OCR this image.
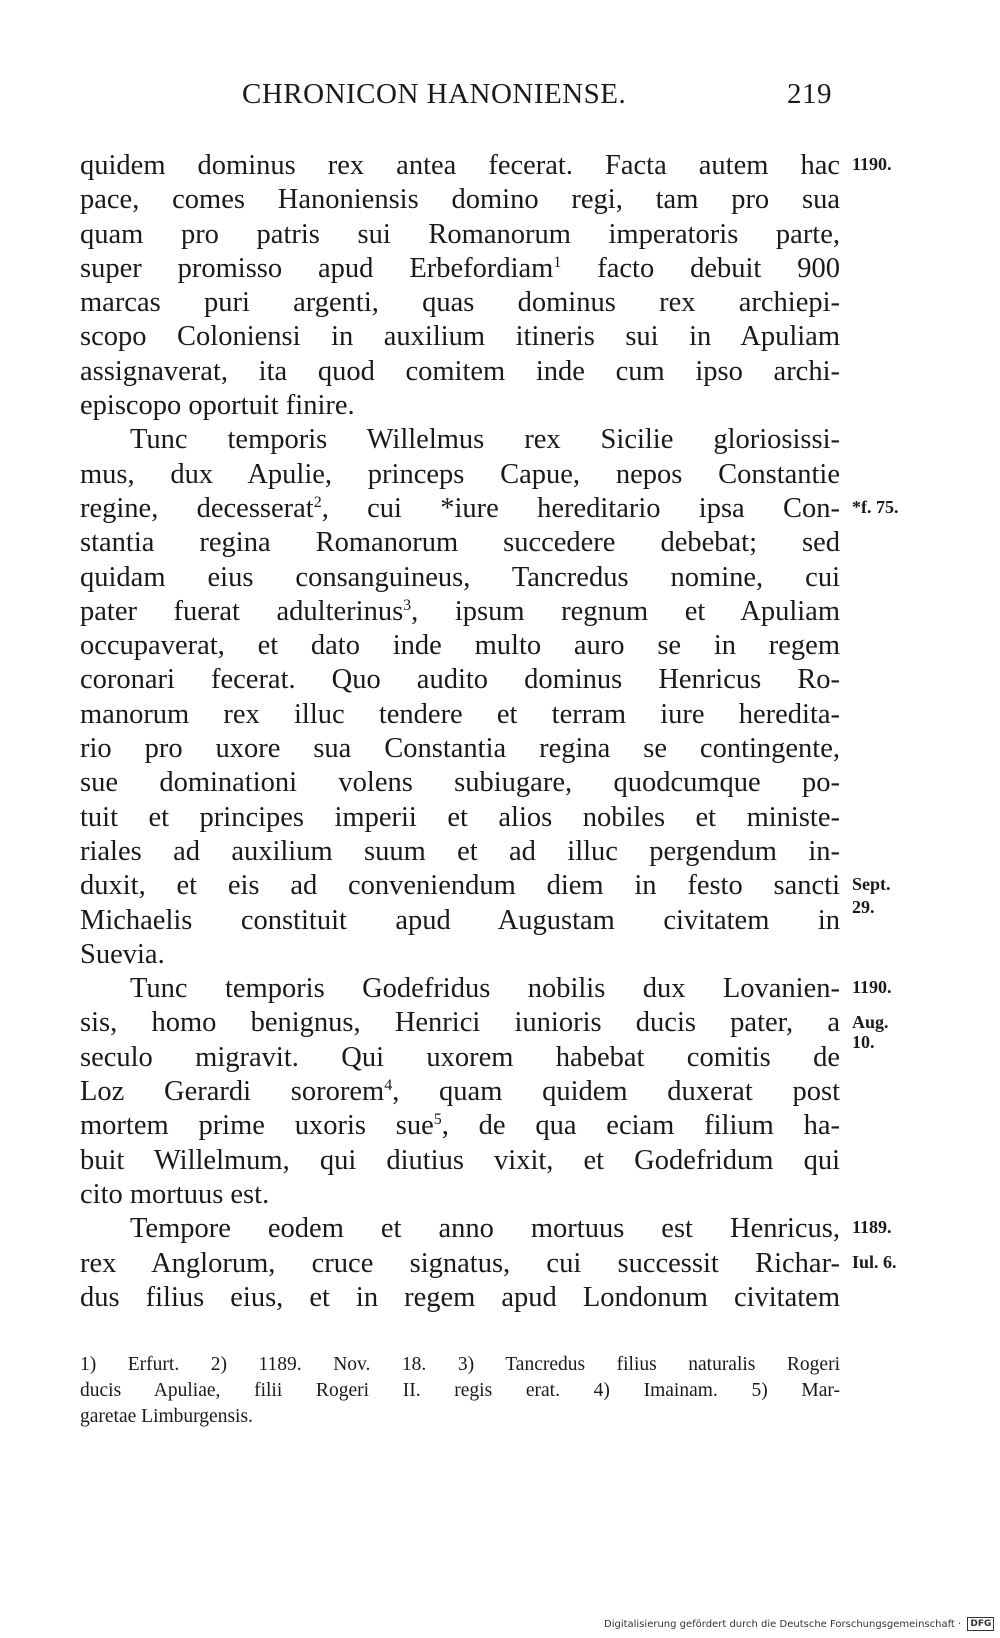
CHRONICON HANONIENSE.	219
quidem dominus rex antea fecerat. Facta autem hac
pace, comes Hanoniensis domino regi, tam pro sua
quam pro patris sui Romanorum imperatoris parte,
super promisso apud Erbefordiam$^1$ facto debuit 900
marcas puri argenti, quas dominus rex archiepi-
scopo Coloniensi in auxilium itineris sui in Apuliam
assignaverat, ita quod comitem inde cum ipso archi-
episcopo oportuit finire.
Tunc temporis Willelmus rex Sicilie gloriosissi-
mus, dux Apulie, princeps Capue, nepos Constantie
regine, decesserat$^2$, cui *iure hereditario ipsa Con-
stantia regina Romanorum succedere debebat; sed
quidam eius consanguineus, Tancredus nomine, cui
pater fuerat adulterinus$^3$, ipsum regnum et Apuliam
occupaverat, et dato inde multo auro se in regem
coronari fecerat. Quo audito dominus Henricus Ro-
manorum rex illuc tendere et terram iure heredita-
rio pro uxore sua Constantia regina se contingente,
sue dominationi volens subiugare, quodcumque po-
tuit et principes imperii et alios nobiles et ministe-
riales ad auxilium suum et ad illuc pergendum in-
duxit, et eis ad conveniendum diem in festo sancti
Michaelis constituit apud Augustam civitatem in
Suevia.
Tunc temporis Godefridus nobilis dux Lovanien-
sis, homo benignus, Henrici iunioris ducis pater, a
seculo migravit. Qui uxorem habebat comitis de
Loz Gerardi sororem$^4$, quam quidem duxerat post
mortem prime uxoris sue$^5$, de qua eciam filium ha-
buit Willelmum, qui diutius vixit, et Godefridum qui
cito mortuus est.
Tempore eodem et anno mortuus est Henricus,
rex Anglorum, cruce signatus, cui successit Richar-
dus filius eius, et in regem apud Londonum civitatem
1190.
*f. 75.
Sept.
29.
1190.
Aug.
10.
1189.
Iul. 6.
1) Erfurt. 2) 1189. Nov. 18. 3) Tancredus filius naturalis Rogeri
ducis Apuliae, filii Rogeri II. regis erat. 4) Imainam. 5) Mar-
garetae Limburgensis.
Digitalisierung gefördert durch die Deutsche Forschungsgemeinschaft · DFG
